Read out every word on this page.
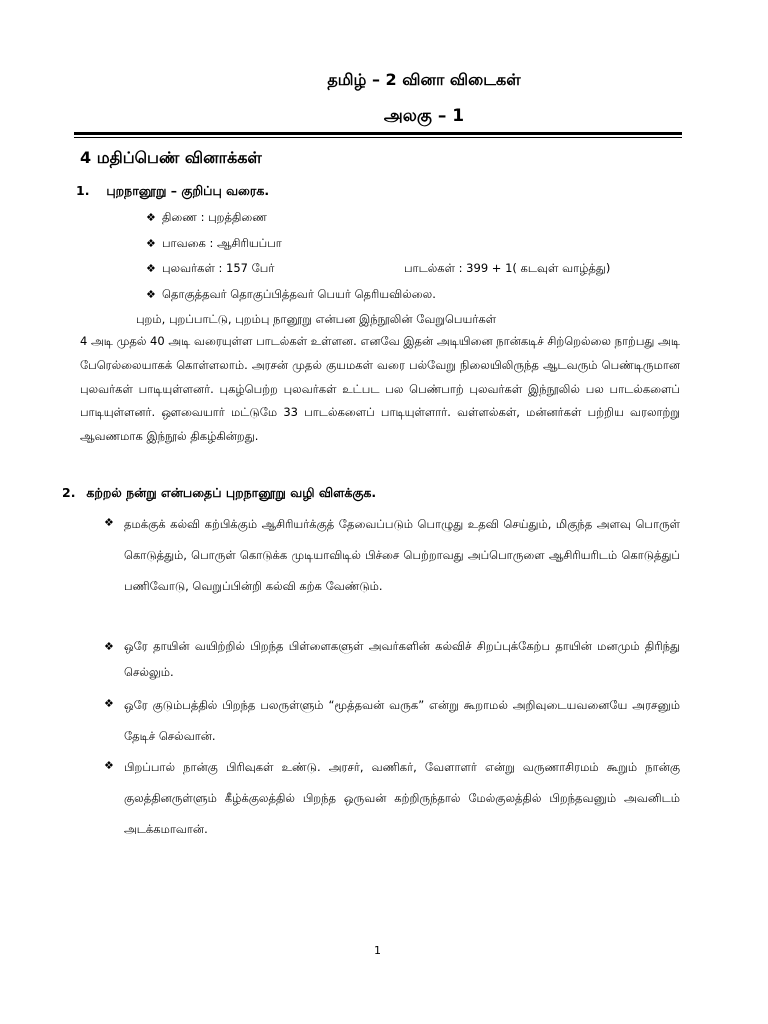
தமிழ் – 2 வினா விடைகள்
அலகு – 1
4 மதிப்பெண் வினாக்கள்
1. புறநானூறு – குறிப்பு வரைக.
❖ திணை : புறத்திணை
❖ பாவகை : ஆசிரியப்பா
❖ புலவர்கள் : 157 பேர்	பாடல்கள் : 399 + 1( கடவுள் வாழ்த்து)
❖ தொகுத்தவர் தொகுப்பித்தவர் பெயர் தெரியவில்லை.
புறம், புறப்பாட்டு, புறம்பு நானூறு என்பன இந்நூலின் வேறுபெயர்கள்
4 அடி முதல் 40 அடி வரையுள்ள பாடல்கள் உள்ளன. எனவே இதன் அடியினை நான்கடிச் சிற்றெல்லை நாற்பது அடி பேரெல்லையாகக் கொள்ளலாம். அரசன் முதல் குயமகள் வரை பல்வேறு நிலையிலிருந்த ஆடவரும் பெண்டிருமான புலவர்கள் பாடியுள்ளனர். புகழ்பெற்ற புலவர்கள் உட்பட பல பெண்பாற் புலவர்கள் இந்நூலில் பல பாடல்களைப் பாடியுள்ளனர். ஔவையார் மட்டுமே 33 பாடல்களைப் பாடியுள்ளார். வள்ளல்கள், மன்னர்கள் பற்றிய வரலாற்று ஆவணமாக இந்நூல் திகழ்கின்றது.
2. கற்றல் நன்று என்பதைப் புறநானூறு வழி விளக்குக.
❖ தமக்குக் கல்வி கற்பிக்கும் ஆசிரியர்க்குத் தேவைப்படும் பொழுது உதவி செய்தும், மிகுந்த அளவு பொருள் கொடுத்தும், பொருள் கொடுக்க முடியாவிடில் பிச்சை பெற்றாவது அப்பொருளை ஆசிரியரிடம் கொடுத்துப் பணிவோடு, வெறுப்பின்றி கல்வி கற்க வேண்டும்.
❖ ஒரே தாயின் வயிற்றில் பிறந்த பிள்ளைகளுள் அவர்களின் கல்விச் சிறப்புக்கேற்ப தாயின் மனமும் திரிந்து செல்லும்.
❖ ஒரே குடும்பத்தில் பிறந்த பலருள்ளும் “மூத்தவன் வருக” என்று கூறாமல் அறிவுடையவனையே அரசனும் தேடிச் செல்வான்.
❖ பிறப்பால் நான்கு பிரிவுகள் உண்டு. அரசர், வணிகர், வேளாளர் என்று வருணாசிரமம் கூறும் நான்கு குலத்தினருள்ளும் கீழ்க்குலத்தில் பிறந்த ஒருவன் கற்றிருந்தால் மேல்குலத்தில் பிறந்தவனும் அவனிடம் அடக்கமாவான்.
1
